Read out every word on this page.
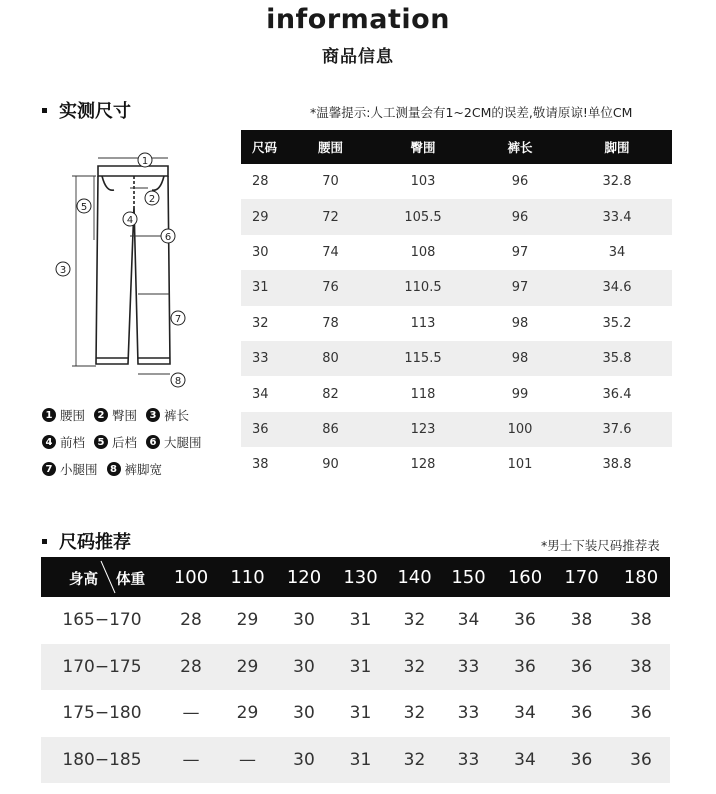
information
商品信息
实测尺寸	*温馨提示:人工测量会有1~2CM的误差,敬请原谅!单位CM
1
2
3
4
5
6
7
8
1 腰围	2 臀围	3 裤长
4 前档	5 后档	6 大腿围
7 小腿围	8 裤脚宽
尺码	腰围	臀围	裤长	脚围
28	70	103	96	32.8
29	72	105.5	96	33.4
30	74	108	97	34
31	76	110.5	97	34.6
32	78	113	98	35.2
33	80	115.5	98	35.8
34	82	118	99	36.4
36	86	123	100	37.6
38	90	128	101	38.8
尺码推荐	*男士下装尺码推荐表
身高 体重	100	110	120	130	140	150	160	170	180
165−170	28	29	30	31	32	34	36	38	38
170−175	28	29	30	31	32	33	36	36	38
175−180	—	29	30	31	32	33	34	36	36
180−185	—	—	30	31	32	33	34	36	36
